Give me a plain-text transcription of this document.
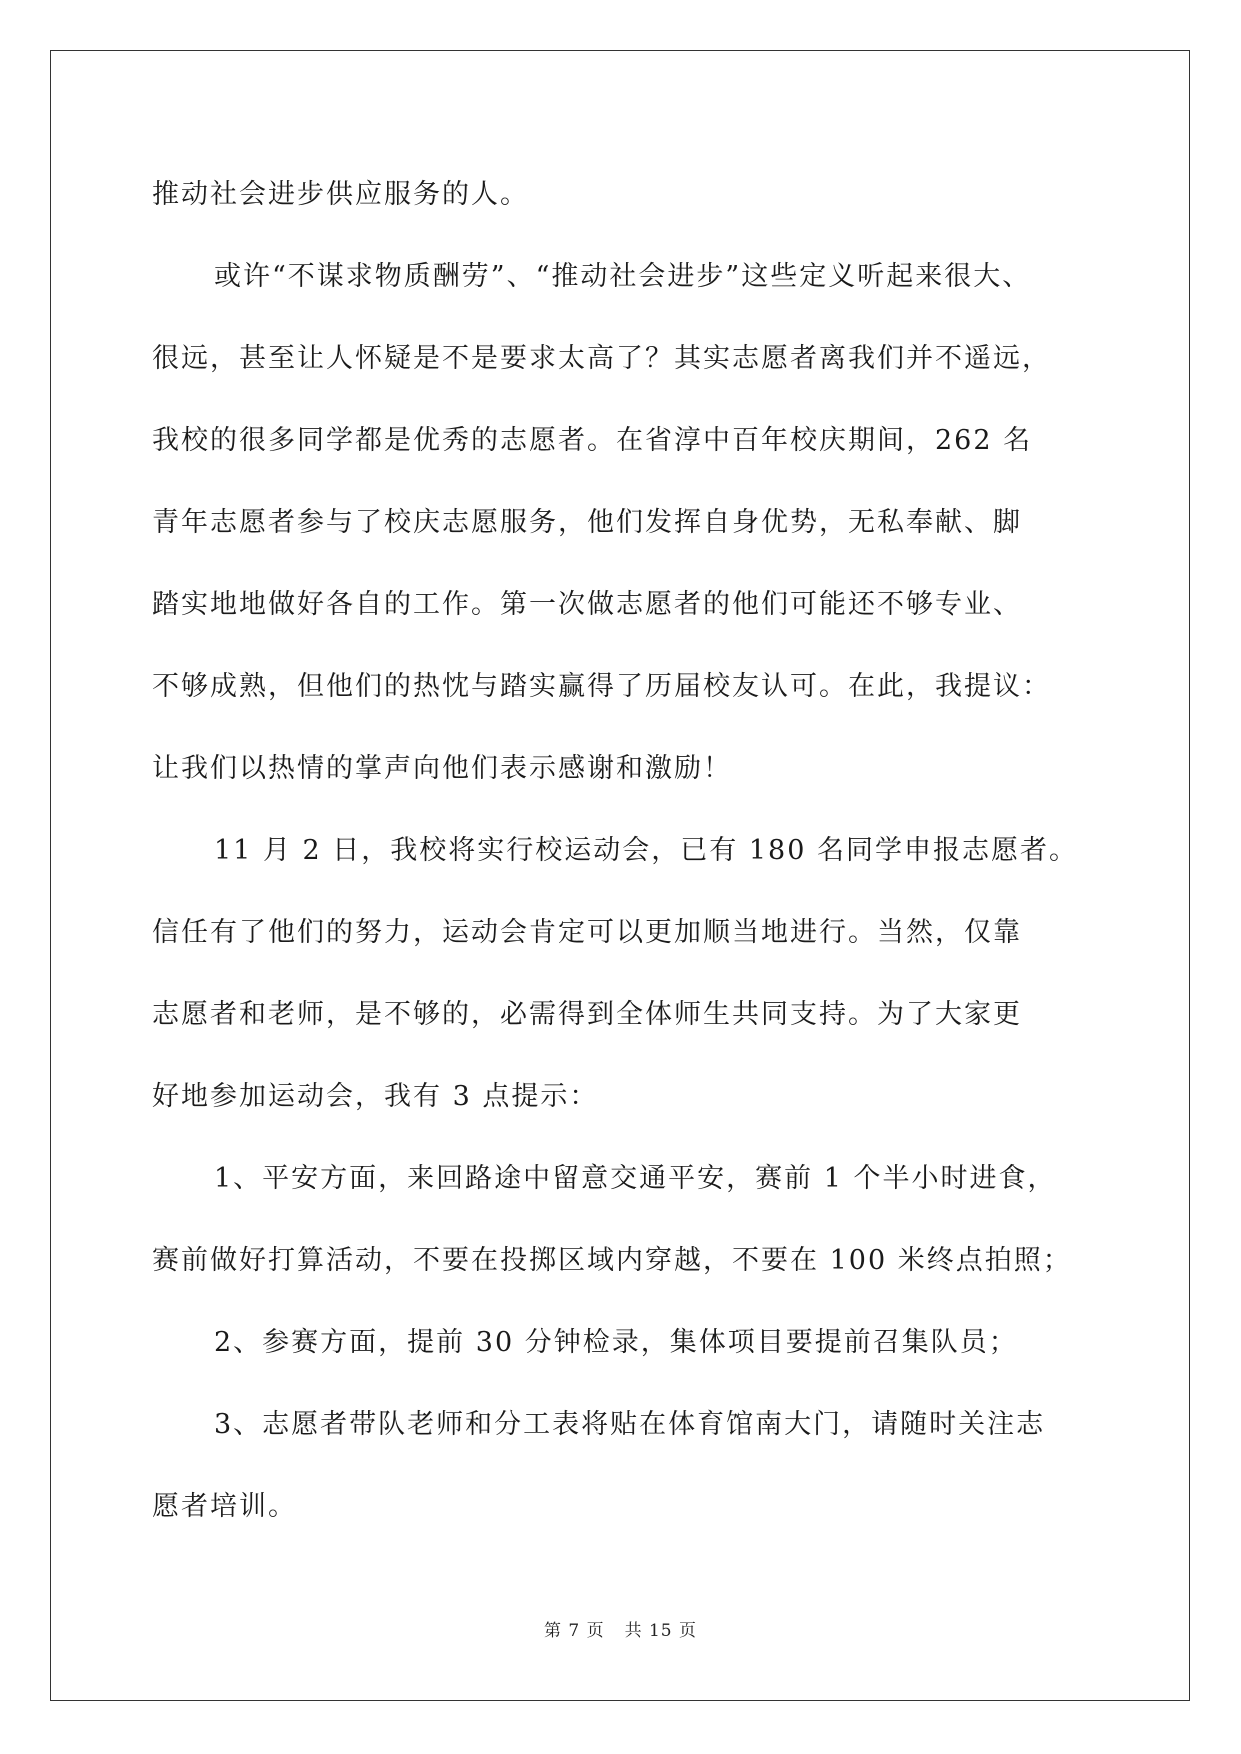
推动社会进步供应服务的人。
或许“不谋求物质酬劳”、“推动社会进步”这些定义听起来很大、
很远，甚至让人怀疑是不是要求太高了？其实志愿者离我们并不遥远，
我校的很多同学都是优秀的志愿者。在省淳中百年校庆期间，262 名
青年志愿者参与了校庆志愿服务，他们发挥自身优势，无私奉献、脚
踏实地地做好各自的工作。第一次做志愿者的他们可能还不够专业、
不够成熟，但他们的热忱与踏实赢得了历届校友认可。在此，我提议：
让我们以热情的掌声向他们表示感谢和激励！
11 月 2 日，我校将实行校运动会，已有 180 名同学申报志愿者。
信任有了他们的努力，运动会肯定可以更加顺当地进行。当然，仅靠
志愿者和老师，是不够的，必需得到全体师生共同支持。为了大家更
好地参加运动会，我有 3 点提示：
1、平安方面，来回路途中留意交通平安，赛前 1 个半小时进食，
赛前做好打算活动，不要在投掷区域内穿越，不要在 100 米终点拍照；
2、参赛方面，提前 30 分钟检录，集体项目要提前召集队员；
3、志愿者带队老师和分工表将贴在体育馆南大门，请随时关注志
愿者培训。
第 7 页 共 15 页
